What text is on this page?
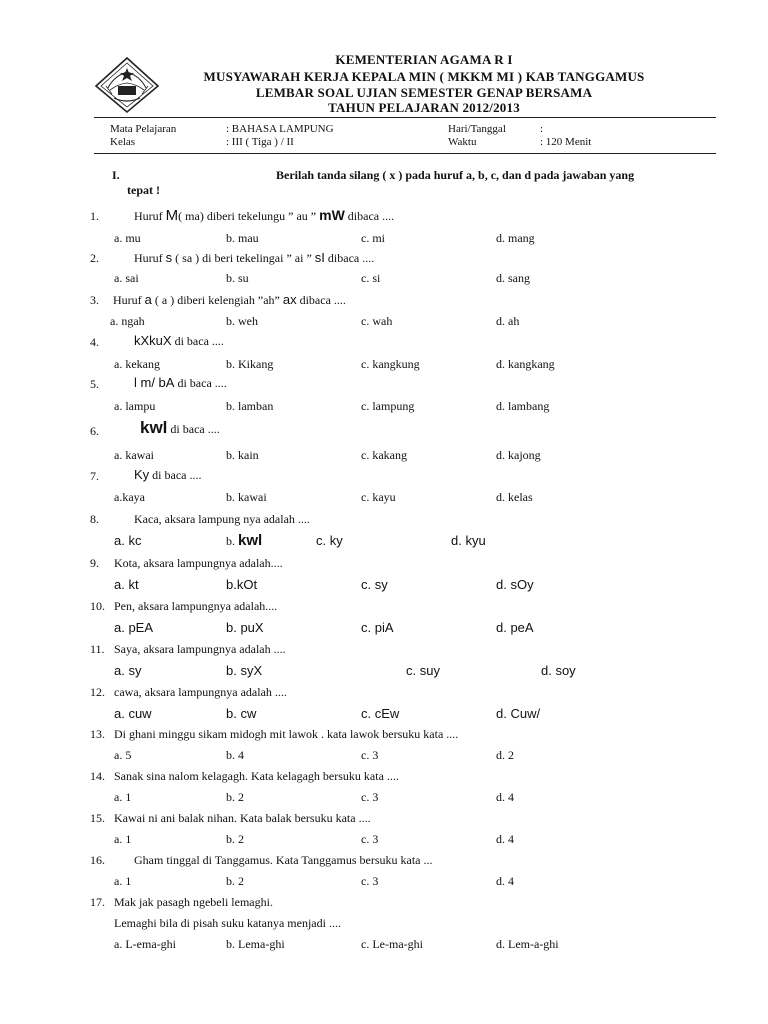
KEMENTERIAN AGAMA R I
MUSYAWARAH KERJA KEPALA MIN ( MKKM MI ) KAB TANGGAMUS
LEMBAR SOAL UJIAN SEMESTER GENAP BERSAMA
TAHUN PELAJARAN 2012/2013
Mata Pelajaran	: BAHASA LAMPUNG	Hari/Tanggal	:
Kelas	: III ( Tiga ) / II	Waktu	: 120 Menit
I.	Berilah tanda silang ( x ) pada huruf a, b, c, dan d pada jawaban yang
tepat !
1.	Huruf M( ma) diberi tekelungu ” au ” mW dibaca ....
a. mu	b. mau	c. mi	d. mang
2.	Huruf s ( sa ) di beri tekelingai ” ai ” sI dibaca ....
a. sai	b. su	c. si	d. sang
3. Huruf a ( a ) diberi kelengiah ”ah” ax dibaca ....
a. ngah	b. weh	c. wah	d. ah
4.	kXkuX di baca ....
a. kekang	b. Kikang	c. kangkung	d. kangkang
5.	l m/ bA di baca ....
a. lampu	b. lamban	c. lampung	d. lambang
6. kwl di baca ....
a. kawai	b. kain	c. kakang	d. kajong
7.	Ky di baca ....
a.kaya	b. kawai	c. kayu	d. kelas
8.	Kaca, aksara lampung nya adalah ....
a. kc	b. kwl	c. ky	d. kyu
9. Kota, aksara lampungnya adalah....
a. kt	b.kOt	c. sy	d. sOy
10. Pen, aksara lampungnya adalah....
a. pEA	b. puX	c. piA	d. peA
11. Saya, aksara lampungnya adalah ....
a. sy	b. syX	c. suy	d. soy
12. cawa, aksara lampungnya adalah ....
a. cuw	b. cw	c. cEw	d. Cuw/
13. Di ghani minggu sikam midogh mit lawok . kata lawok bersuku kata ....
a. 5	b. 4	c. 3	d. 2
14. Sanak sina nalom kelagagh. Kata kelagagh bersuku kata ....
a. 1	b. 2	c. 3	d. 4
15. Kawai ni ani balak nihan. Kata balak bersuku kata ....
a. 1	b. 2	c. 3	d. 4
16. Gham tinggal di Tanggamus. Kata Tanggamus bersuku kata ...
a. 1	b. 2	c. 3	d. 4
17. Mak jak pasagh ngebeli lemaghi.
Lemaghi bila di pisah suku katanya menjadi ....
a. L-ema-ghi	b. Lema-ghi	c. Le-ma-ghi	d. Lem-a-ghi
